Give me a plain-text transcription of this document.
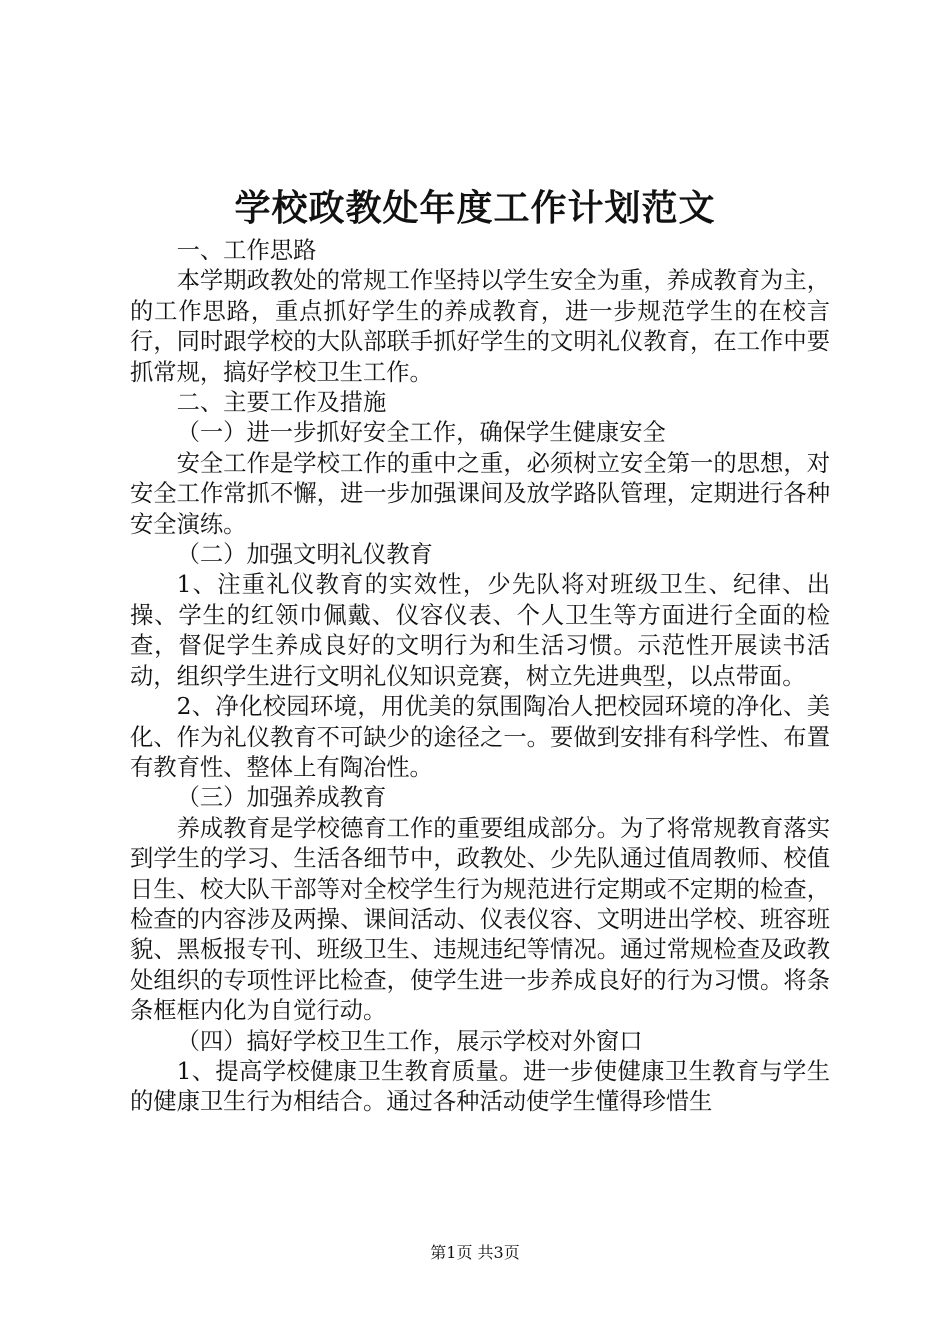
学校政教处年度工作计划范文

一、工作思路

本学期政教处的常规工作坚持以学生安全为重，养成教育为主，的工作思路，重点抓好学生的养成教育，进一步规范学生的在校言行，同时跟学校的大队部联手抓好学生的文明礼仪教育，在工作中要抓常规，搞好学校卫生工作。

二、主要工作及措施

（一）进一步抓好安全工作，确保学生健康安全

安全工作是学校工作的重中之重，必须树立安全第一的思想，对安全工作常抓不懈，进一步加强课间及放学路队管理，定期进行各种安全演练。

（二）加强文明礼仪教育

1、注重礼仪教育的实效性，少先队将对班级卫生、纪律、出操、学生的红领巾佩戴、仪容仪表、个人卫生等方面进行全面的检查，督促学生养成良好的文明行为和生活习惯。示范性开展读书活动，组织学生进行文明礼仪知识竞赛，树立先进典型，以点带面。

2、净化校园环境，用优美的氛围陶冶人把校园环境的净化、美化、作为礼仪教育不可缺少的途径之一。要做到安排有科学性、布置有教育性、整体上有陶冶性。

（三）加强养成教育

养成教育是学校德育工作的重要组成部分。为了将常规教育落实到学生的学习、生活各细节中，政教处、少先队通过值周教师、校值日生、校大队干部等对全校学生行为规范进行定期或不定期的检查，检查的内容涉及两操、课间活动、仪表仪容、文明进出学校、班容班貌、黑板报专刊、班级卫生、违规违纪等情况。通过常规检查及政教处组织的专项性评比检查，使学生进一步养成良好的行为习惯。将条条框框内化为自觉行动。

（四）搞好学校卫生工作，展示学校对外窗口

1、提高学校健康卫生教育质量。进一步使健康卫生教育与学生的健康卫生行为相结合。通过各种活动使学生懂得珍惜生

第1页 共3页
